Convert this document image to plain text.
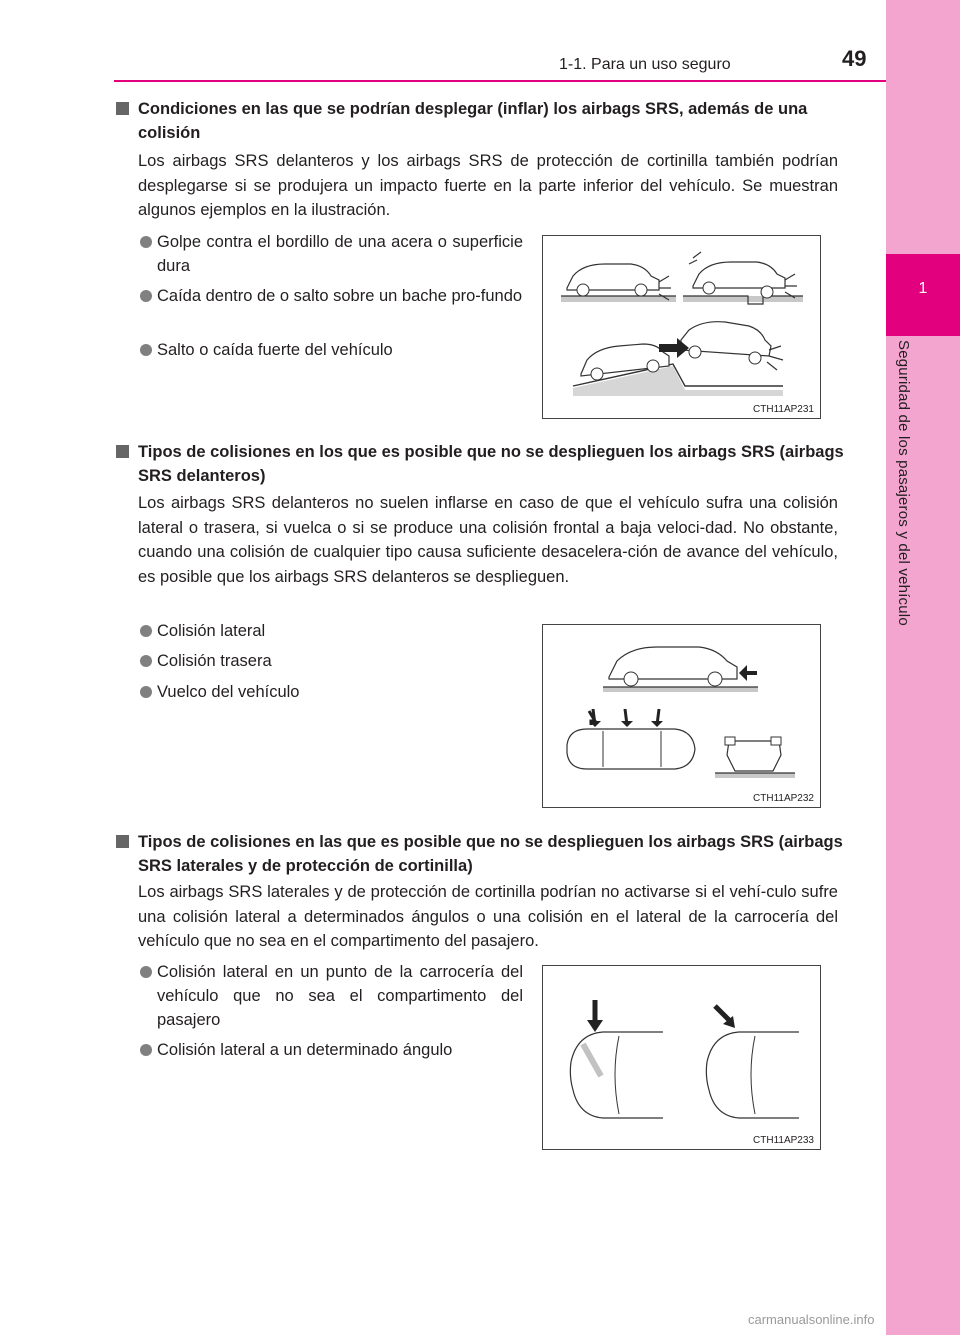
1-1. Para un uso seguro	49
1
Seguridad de los pasajeros y del vehículo
Condiciones en las que se podrían desplegar (inflar) los airbags SRS, además de una colisión
Los airbags SRS delanteros y los airbags SRS de protección de cortinilla también podrían desplegarse si se produjera un impacto fuerte en la parte inferior del vehículo. Se muestran algunos ejemplos en la ilustración.
Golpe contra el bordillo de una acera o superficie dura
Caída dentro de o salto sobre un bache pro-fundo
Salto o caída fuerte del vehículo
CTH11AP231
Tipos de colisiones en los que es posible que no se desplieguen los airbags SRS (airbags SRS delanteros)
Los airbags SRS delanteros no suelen inflarse en caso de que el vehículo sufra una colisión lateral o trasera, si vuelca o si se produce una colisión frontal a baja veloci-dad. No obstante, cuando una colisión de cualquier tipo causa suficiente desacelera-ción de avance del vehículo, es posible que los airbags SRS delanteros se desplieguen.
Colisión lateral
Colisión trasera
Vuelco del vehículo
CTH11AP232
Tipos de colisiones en las que es posible que no se desplieguen los airbags SRS (airbags SRS laterales y de protección de cortinilla)
Los airbags SRS laterales y de protección de cortinilla podrían no activarse si el vehí-culo sufre una colisión lateral a determinados ángulos o una colisión en el lateral de la carrocería del vehículo que no sea en el compartimento del pasajero.
Colisión lateral en un punto de la carrocería del vehículo que no sea el compartimento del pasajero
Colisión lateral a un determinado ángulo
CTH11AP233
carmanualsonline.info
